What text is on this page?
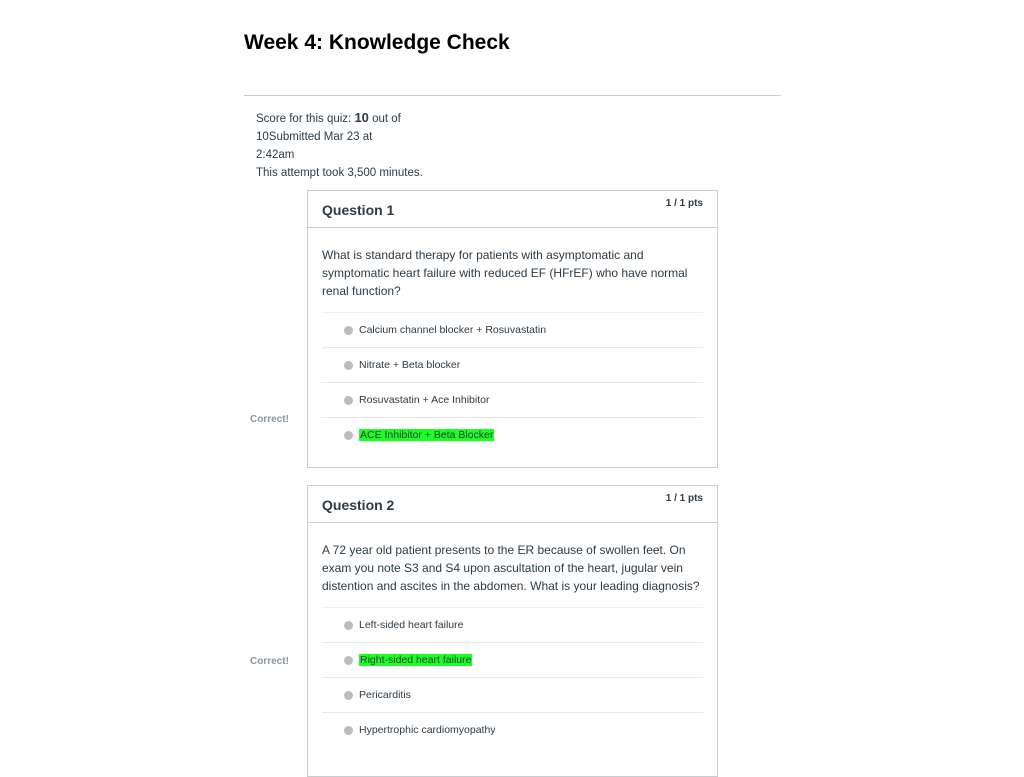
Week 4: Knowledge Check
Score for this quiz: 10 out of
10Submitted Mar 23 at
2:42am
This attempt took 3,500 minutes.
Question 1	1 / 1 pts
What is standard therapy for patients with asymptomatic and symptomatic heart failure with reduced EF (HFrEF) who have normal renal function?
Calcium channel blocker + Rosuvastatin
Nitrate + Beta blocker
Rosuvastatin + Ace Inhibitor
ACE Inhibitor + Beta Blocker
Correct!
Question 2	1 / 1 pts
A 72 year old patient presents to the ER because of swollen feet. On exam you note S3 and S4 upon ascultation of the heart, jugular vein distention and ascites in the abdomen. What is your leading diagnosis?
Left-sided heart failure
Right-sided heart failure
Pericarditis
Hypertrophic cardiomyopathy
Correct!
